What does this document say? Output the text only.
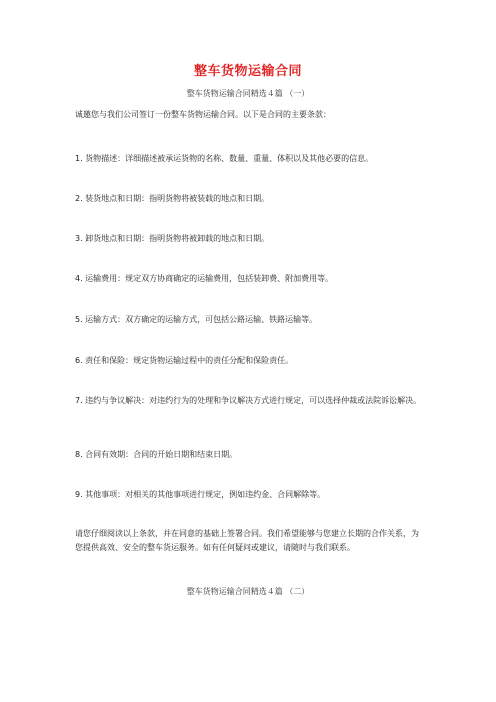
整车货物运输合同
整车货物运输合同精选４篇 （一）
诚邀您与我们公司签订一份整车货物运输合同。以下是合同的主要条款：
1. 货物描述：详细描述被承运货物的名称、数量、重量、体积以及其他必要的信息。
2. 装货地点和日期：指明货物将被装载的地点和日期。
3. 卸货地点和日期：指明货物将被卸载的地点和日期。
4. 运输费用：规定双方协商确定的运输费用，包括装卸费、附加费用等。
5. 运输方式：双方确定的运输方式，可包括公路运输、铁路运输等。
6. 责任和保险：规定货物运输过程中的责任分配和保险责任。
7. 违约与争议解决：对违约行为的处理和争议解决方式进行规定，可以选择仲裁或法院诉讼解决。
8. 合同有效期：合同的开始日期和结束日期。
9. 其他事项：对相关的其他事项进行规定，例如违约金、合同解除等。
请您仔细阅读以上条款，并在同意的基础上签署合同。我们希望能够与您建立长期的合作关系，为您提供高效、安全的整车货运服务。如有任何疑问或建议，请随时与我们联系。
整车货物运输合同精选４篇 （二）
